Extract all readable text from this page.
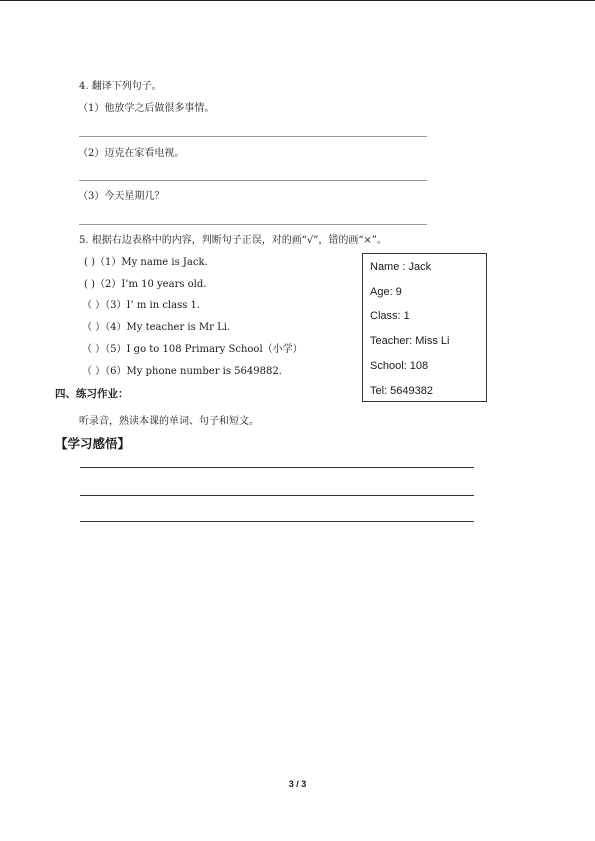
4. 翻译下列句子。
（1）他放学之后做很多事情。
（2）迈克在家看电视。
（3）今天星期几？
5. 根据右边表格中的内容，判断句子正误，对的画“√”，错的画“×”。
( )（1）My name is Jack.
( )（2）I’m 10 years old.
（ ）（3）I’ m in class 1.
（ ）（4）My teacher is Mr Li.
（ ）（5）I go to 108 Primary School（小学）
（ ）（6）My phone number is 5649882.
Name : Jack
Age: 9
Class: 1
Teacher: Miss Li
School: 108
Tel: 5649382
四、练习作业：
听录音，熟读本课的单词、句子和短文。
【学习感悟】
3 / 3
